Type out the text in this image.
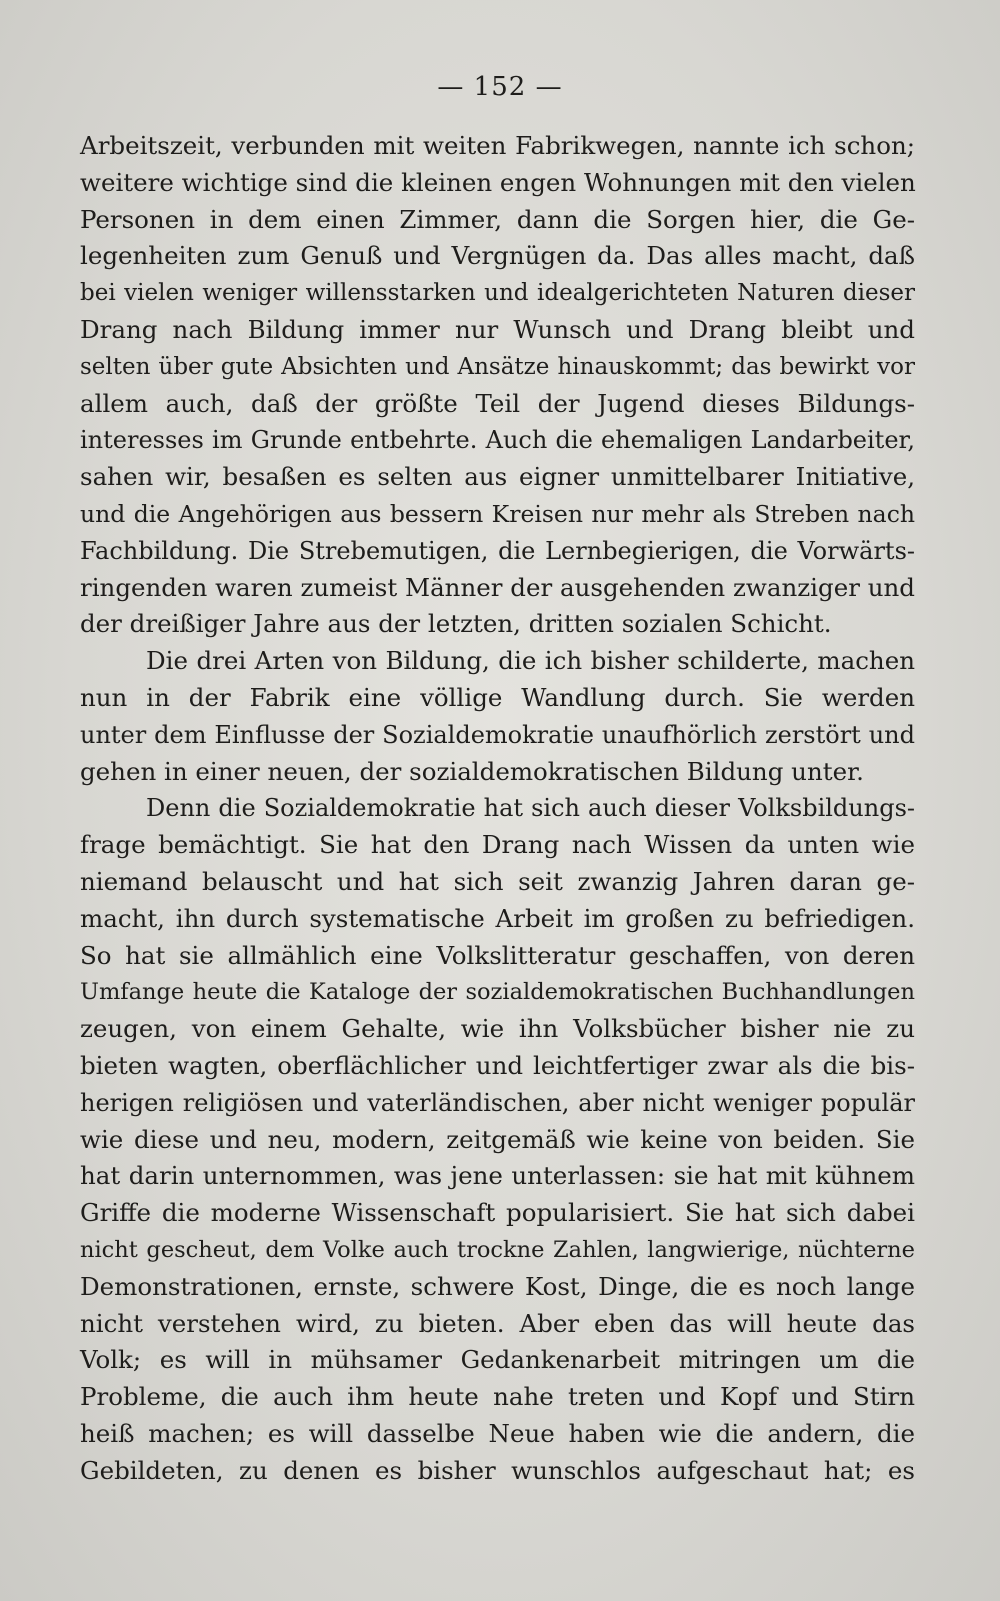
— 152 —
Arbeitszeit, verbunden mit weiten Fabrikwegen, nannte ich schon;
weitere wichtige sind die kleinen engen Wohnungen mit den vielen
Personen in dem einen Zimmer, dann die Sorgen hier, die Ge-
legenheiten zum Genuß und Vergnügen da. Das alles macht, daß
bei vielen weniger willensstarken und idealgerichteten Naturen dieser
Drang nach Bildung immer nur Wunsch und Drang bleibt und
selten über gute Absichten und Ansätze hinauskommt; das bewirkt vor
allem auch, daß der größte Teil der Jugend dieses Bildungs-
interesses im Grunde entbehrte. Auch die ehemaligen Landarbeiter,
sahen wir, besaßen es selten aus eigner unmittelbarer Initiative,
und die Angehörigen aus bessern Kreisen nur mehr als Streben nach
Fachbildung. Die Strebemutigen, die Lernbegierigen, die Vorwärts-
ringenden waren zumeist Männer der ausgehenden zwanziger und
der dreißiger Jahre aus der letzten, dritten sozialen Schicht.
Die drei Arten von Bildung, die ich bisher schilderte, machen
nun in der Fabrik eine völlige Wandlung durch. Sie werden
unter dem Einflusse der Sozialdemokratie unaufhörlich zerstört und
gehen in einer neuen, der sozialdemokratischen Bildung unter.
Denn die Sozialdemokratie hat sich auch dieser Volksbildungs-
frage bemächtigt. Sie hat den Drang nach Wissen da unten wie
niemand belauscht und hat sich seit zwanzig Jahren daran ge-
macht, ihn durch systematische Arbeit im großen zu befriedigen.
So hat sie allmählich eine Volkslitteratur geschaffen, von deren
Umfange heute die Kataloge der sozialdemokratischen Buchhandlungen
zeugen, von einem Gehalte, wie ihn Volksbücher bisher nie zu
bieten wagten, oberflächlicher und leichtfertiger zwar als die bis-
herigen religiösen und vaterländischen, aber nicht weniger populär
wie diese und neu, modern, zeitgemäß wie keine von beiden. Sie
hat darin unternommen, was jene unterlassen: sie hat mit kühnem
Griffe die moderne Wissenschaft popularisiert. Sie hat sich dabei
nicht gescheut, dem Volke auch trockne Zahlen, langwierige, nüchterne
Demonstrationen, ernste, schwere Kost, Dinge, die es noch lange
nicht verstehen wird, zu bieten. Aber eben das will heute das
Volk; es will in mühsamer Gedankenarbeit mitringen um die
Probleme, die auch ihm heute nahe treten und Kopf und Stirn
heiß machen; es will dasselbe Neue haben wie die andern, die
Gebildeten, zu denen es bisher wunschlos aufgeschaut hat; es
